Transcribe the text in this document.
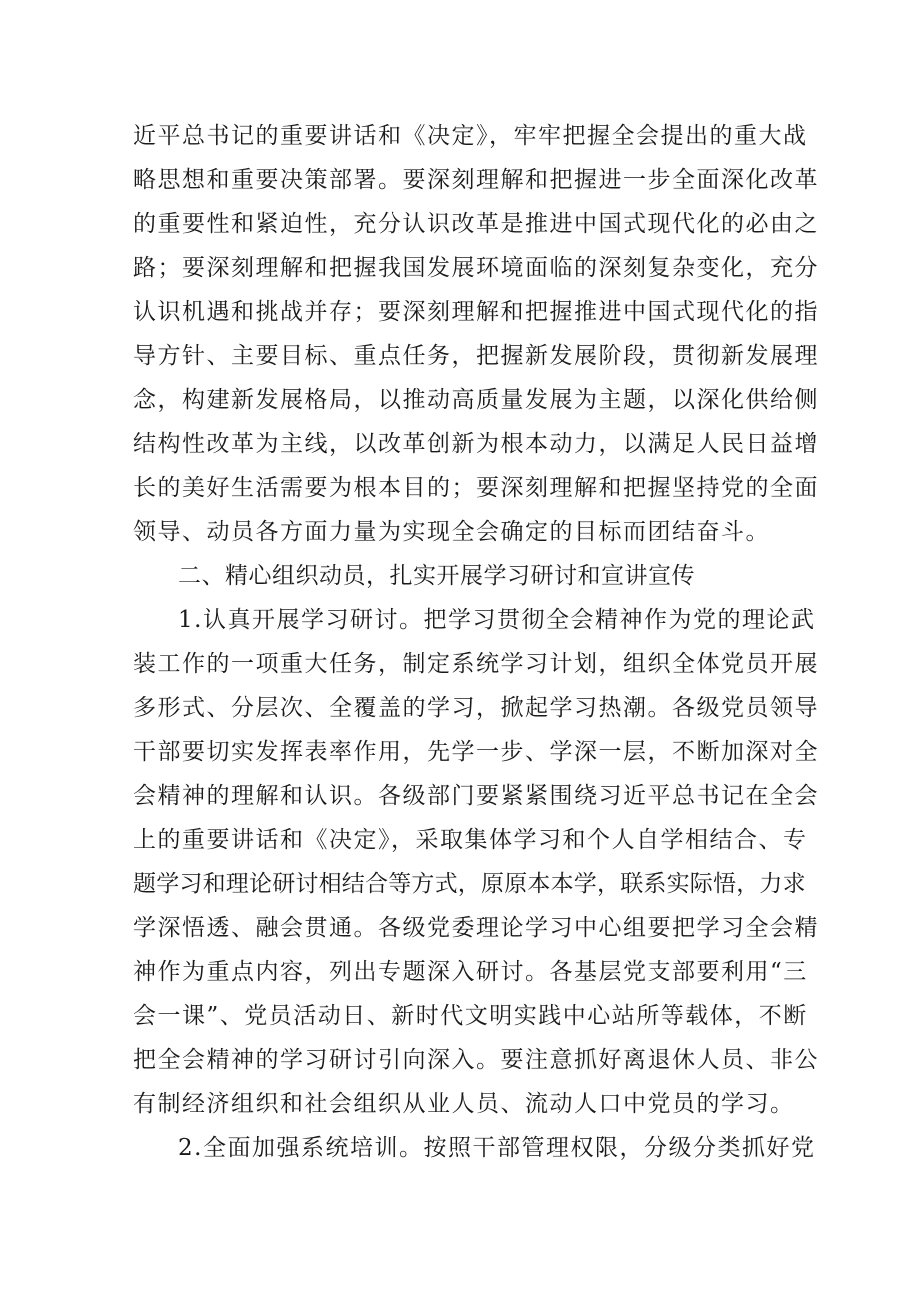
近平总书记的重要讲话和《决定》，牢牢把握全会提出的重大战
略思想和重要决策部署。要深刻理解和把握进一步全面深化改革
的重要性和紧迫性，充分认识改革是推进中国式现代化的必由之
路；要深刻理解和把握我国发展环境面临的深刻复杂变化，充分
认识机遇和挑战并存；要深刻理解和把握推进中国式现代化的指
导方针、主要目标、重点任务，把握新发展阶段，贯彻新发展理
念，构建新发展格局，以推动高质量发展为主题，以深化供给侧
结构性改革为主线，以改革创新为根本动力，以满足人民日益增
长的美好生活需要为根本目的；要深刻理解和把握坚持党的全面
领导、动员各方面力量为实现全会确定的目标而团结奋斗。
二、精心组织动员，扎实开展学习研讨和宣讲宣传
1.认真开展学习研讨。把学习贯彻全会精神作为党的理论武
装工作的一项重大任务，制定系统学习计划，组织全体党员开展
多形式、分层次、全覆盖的学习，掀起学习热潮。各级党员领导
干部要切实发挥表率作用，先学一步、学深一层，不断加深对全
会精神的理解和认识。各级部门要紧紧围绕习近平总书记在全会
上的重要讲话和《决定》，采取集体学习和个人自学相结合、专
题学习和理论研讨相结合等方式，原原本本学，联系实际悟，力求
学深悟透、融会贯通。各级党委理论学习中心组要把学习全会精
神作为重点内容，列出专题深入研讨。各基层党支部要利用“三
会一课”、党员活动日、新时代文明实践中心站所等载体，不断
把全会精神的学习研讨引向深入。要注意抓好离退休人员、非公
有制经济组织和社会组织从业人员、流动人口中党员的学习。
2.全面加强系统培训。按照干部管理权限，分级分类抓好党
